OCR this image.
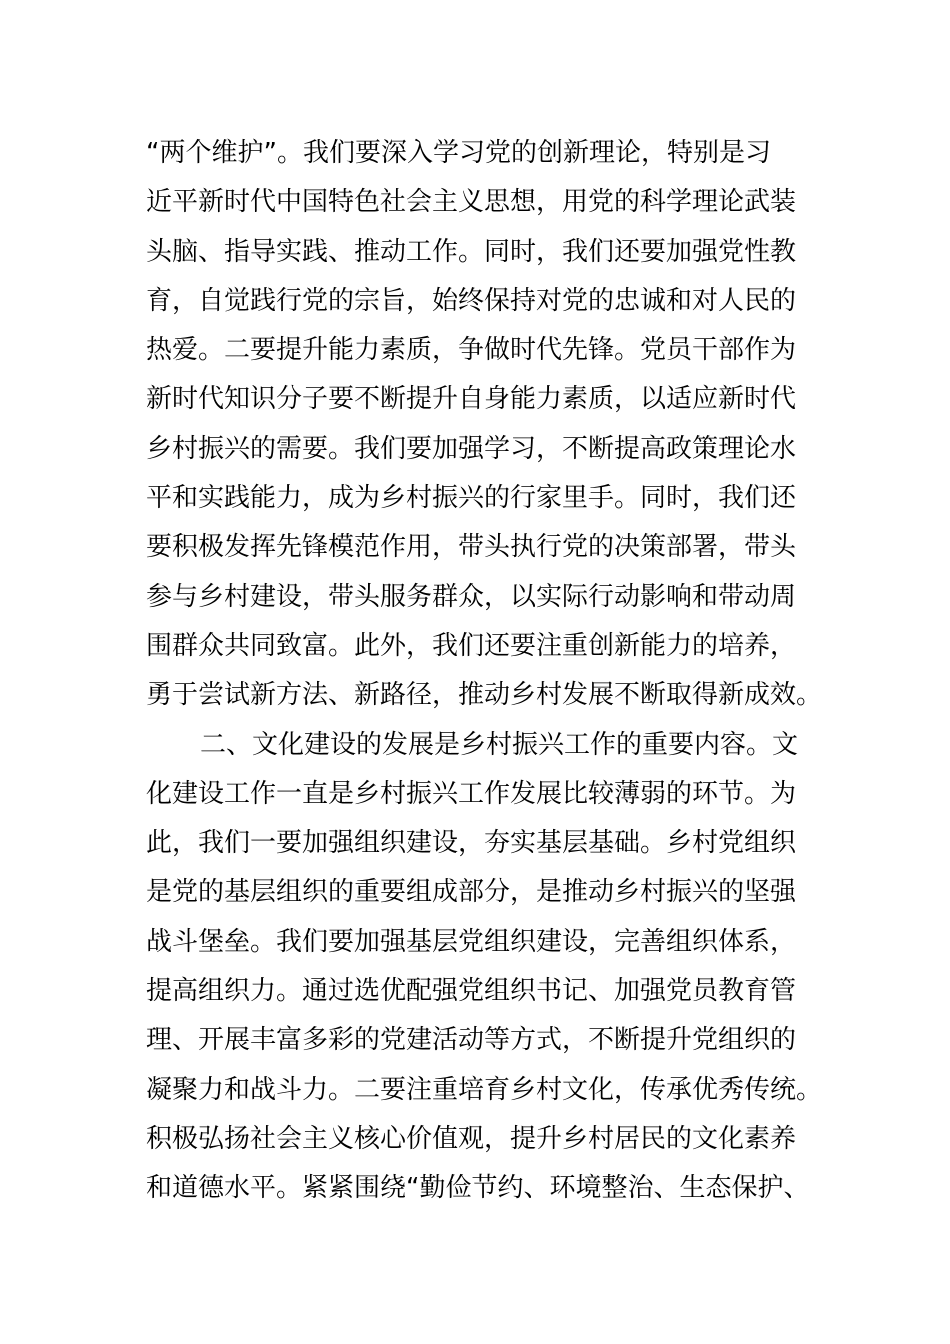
“两个维护”。我们要深入学习党的创新理论，特别是习
近平新时代中国特色社会主义思想，用党的科学理论武装
头脑、指导实践、推动工作。同时，我们还要加强党性教
育，自觉践行党的宗旨，始终保持对党的忠诚和对人民的
热爱。二要提升能力素质，争做时代先锋。党员干部作为
新时代知识分子要不断提升自身能力素质，以适应新时代
乡村振兴的需要。我们要加强学习，不断提高政策理论水
平和实践能力，成为乡村振兴的行家里手。同时，我们还
要积极发挥先锋模范作用，带头执行党的决策部署，带头
参与乡村建设，带头服务群众，以实际行动影响和带动周
围群众共同致富。此外，我们还要注重创新能力的培养，
勇于尝试新方法、新路径，推动乡村发展不断取得新成效。
二、文化建设的发展是乡村振兴工作的重要内容。文
化建设工作一直是乡村振兴工作发展比较薄弱的环节。为
此，我们一要加强组织建设，夯实基层基础。乡村党组织
是党的基层组织的重要组成部分，是推动乡村振兴的坚强
战斗堡垒。我们要加强基层党组织建设，完善组织体系，
提高组织力。通过选优配强党组织书记、加强党员教育管
理、开展丰富多彩的党建活动等方式，不断提升党组织的
凝聚力和战斗力。二要注重培育乡村文化，传承优秀传统。
积极弘扬社会主义核心价值观，提升乡村居民的文化素养
和道德水平。紧紧围绕“勤俭节约、环境整治、生态保护、
